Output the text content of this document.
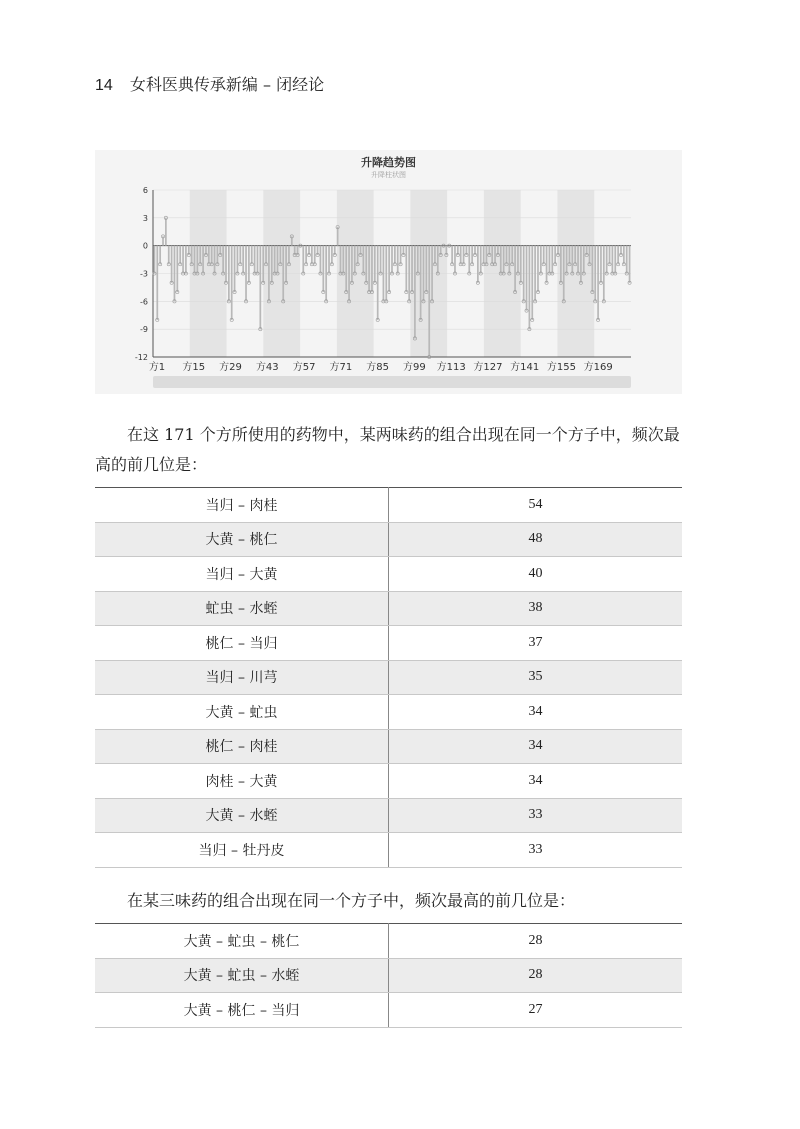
14 女科医典传承新编 – 闭经论
6
3
0
-3
-6
-9
-12
方1 方15 方29 方43 方57 方71 方85 方99 方113 方127 方141 方155 方169
升降趋势图
升降柱状图

在这 171 个方所使用的药物中，某两味药的组合出现在同一个方子中，频次最高的前几位是：

当归 – 肉桂	54
大黄 – 桃仁	48
当归 – 大黄	40
虻虫 – 水蛭	38
桃仁 – 当归	37
当归 – 川芎	35
大黄 – 虻虫	34
桃仁 – 肉桂	34
肉桂 – 大黄	34
大黄 – 水蛭	33
当归 – 牡丹皮	33

在某三味药的组合出现在同一个方子中，频次最高的前几位是：

大黄 – 虻虫 – 桃仁	28
大黄 – 虻虫 – 水蛭	28
大黄 – 桃仁 – 当归	27
